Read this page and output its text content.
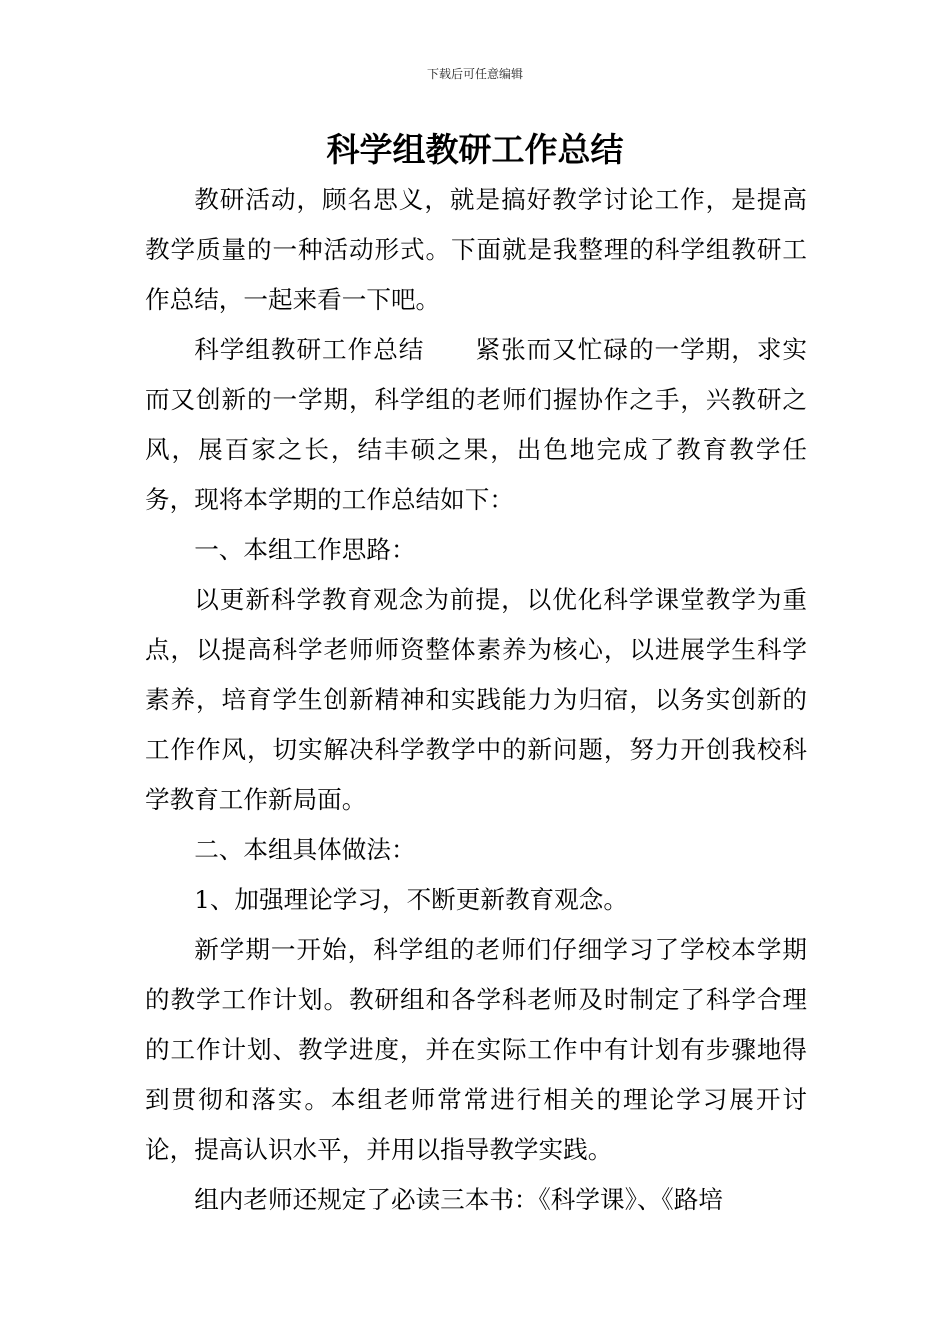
下载后可任意编辑
科学组教研工作总结

教研活动，顾名思义，就是搞好教学讨论工作，是提高教学质量的一种活动形式。下面就是我整理的科学组教研工作总结，一起来看一下吧。

科学组教研工作总结　　紧张而又忙碌的一学期，求实而又创新的一学期，科学组的老师们握协作之手，兴教研之风，展百家之长，结丰硕之果，出色地完成了教育教学任务，现将本学期的工作总结如下：

一、本组工作思路：

以更新科学教育观念为前提，以优化科学课堂教学为重点，以提高科学老师师资整体素养为核心，以进展学生科学素养，培育学生创新精神和实践能力为归宿，以务实创新的工作作风，切实解决科学教学中的新问题，努力开创我校科学教育工作新局面。

二、本组具体做法：

1、加强理论学习，不断更新教育观念。

新学期一开始，科学组的老师们仔细学习了学校本学期的教学工作计划。教研组和各学科老师及时制定了科学合理的工作计划、教学进度，并在实际工作中有计划有步骤地得到贯彻和落实。本组老师常常进行相关的理论学习展开讨论，提高认识水平，并用以指导教学实践。

组内老师还规定了必读三本书：《科学课》、《路培
